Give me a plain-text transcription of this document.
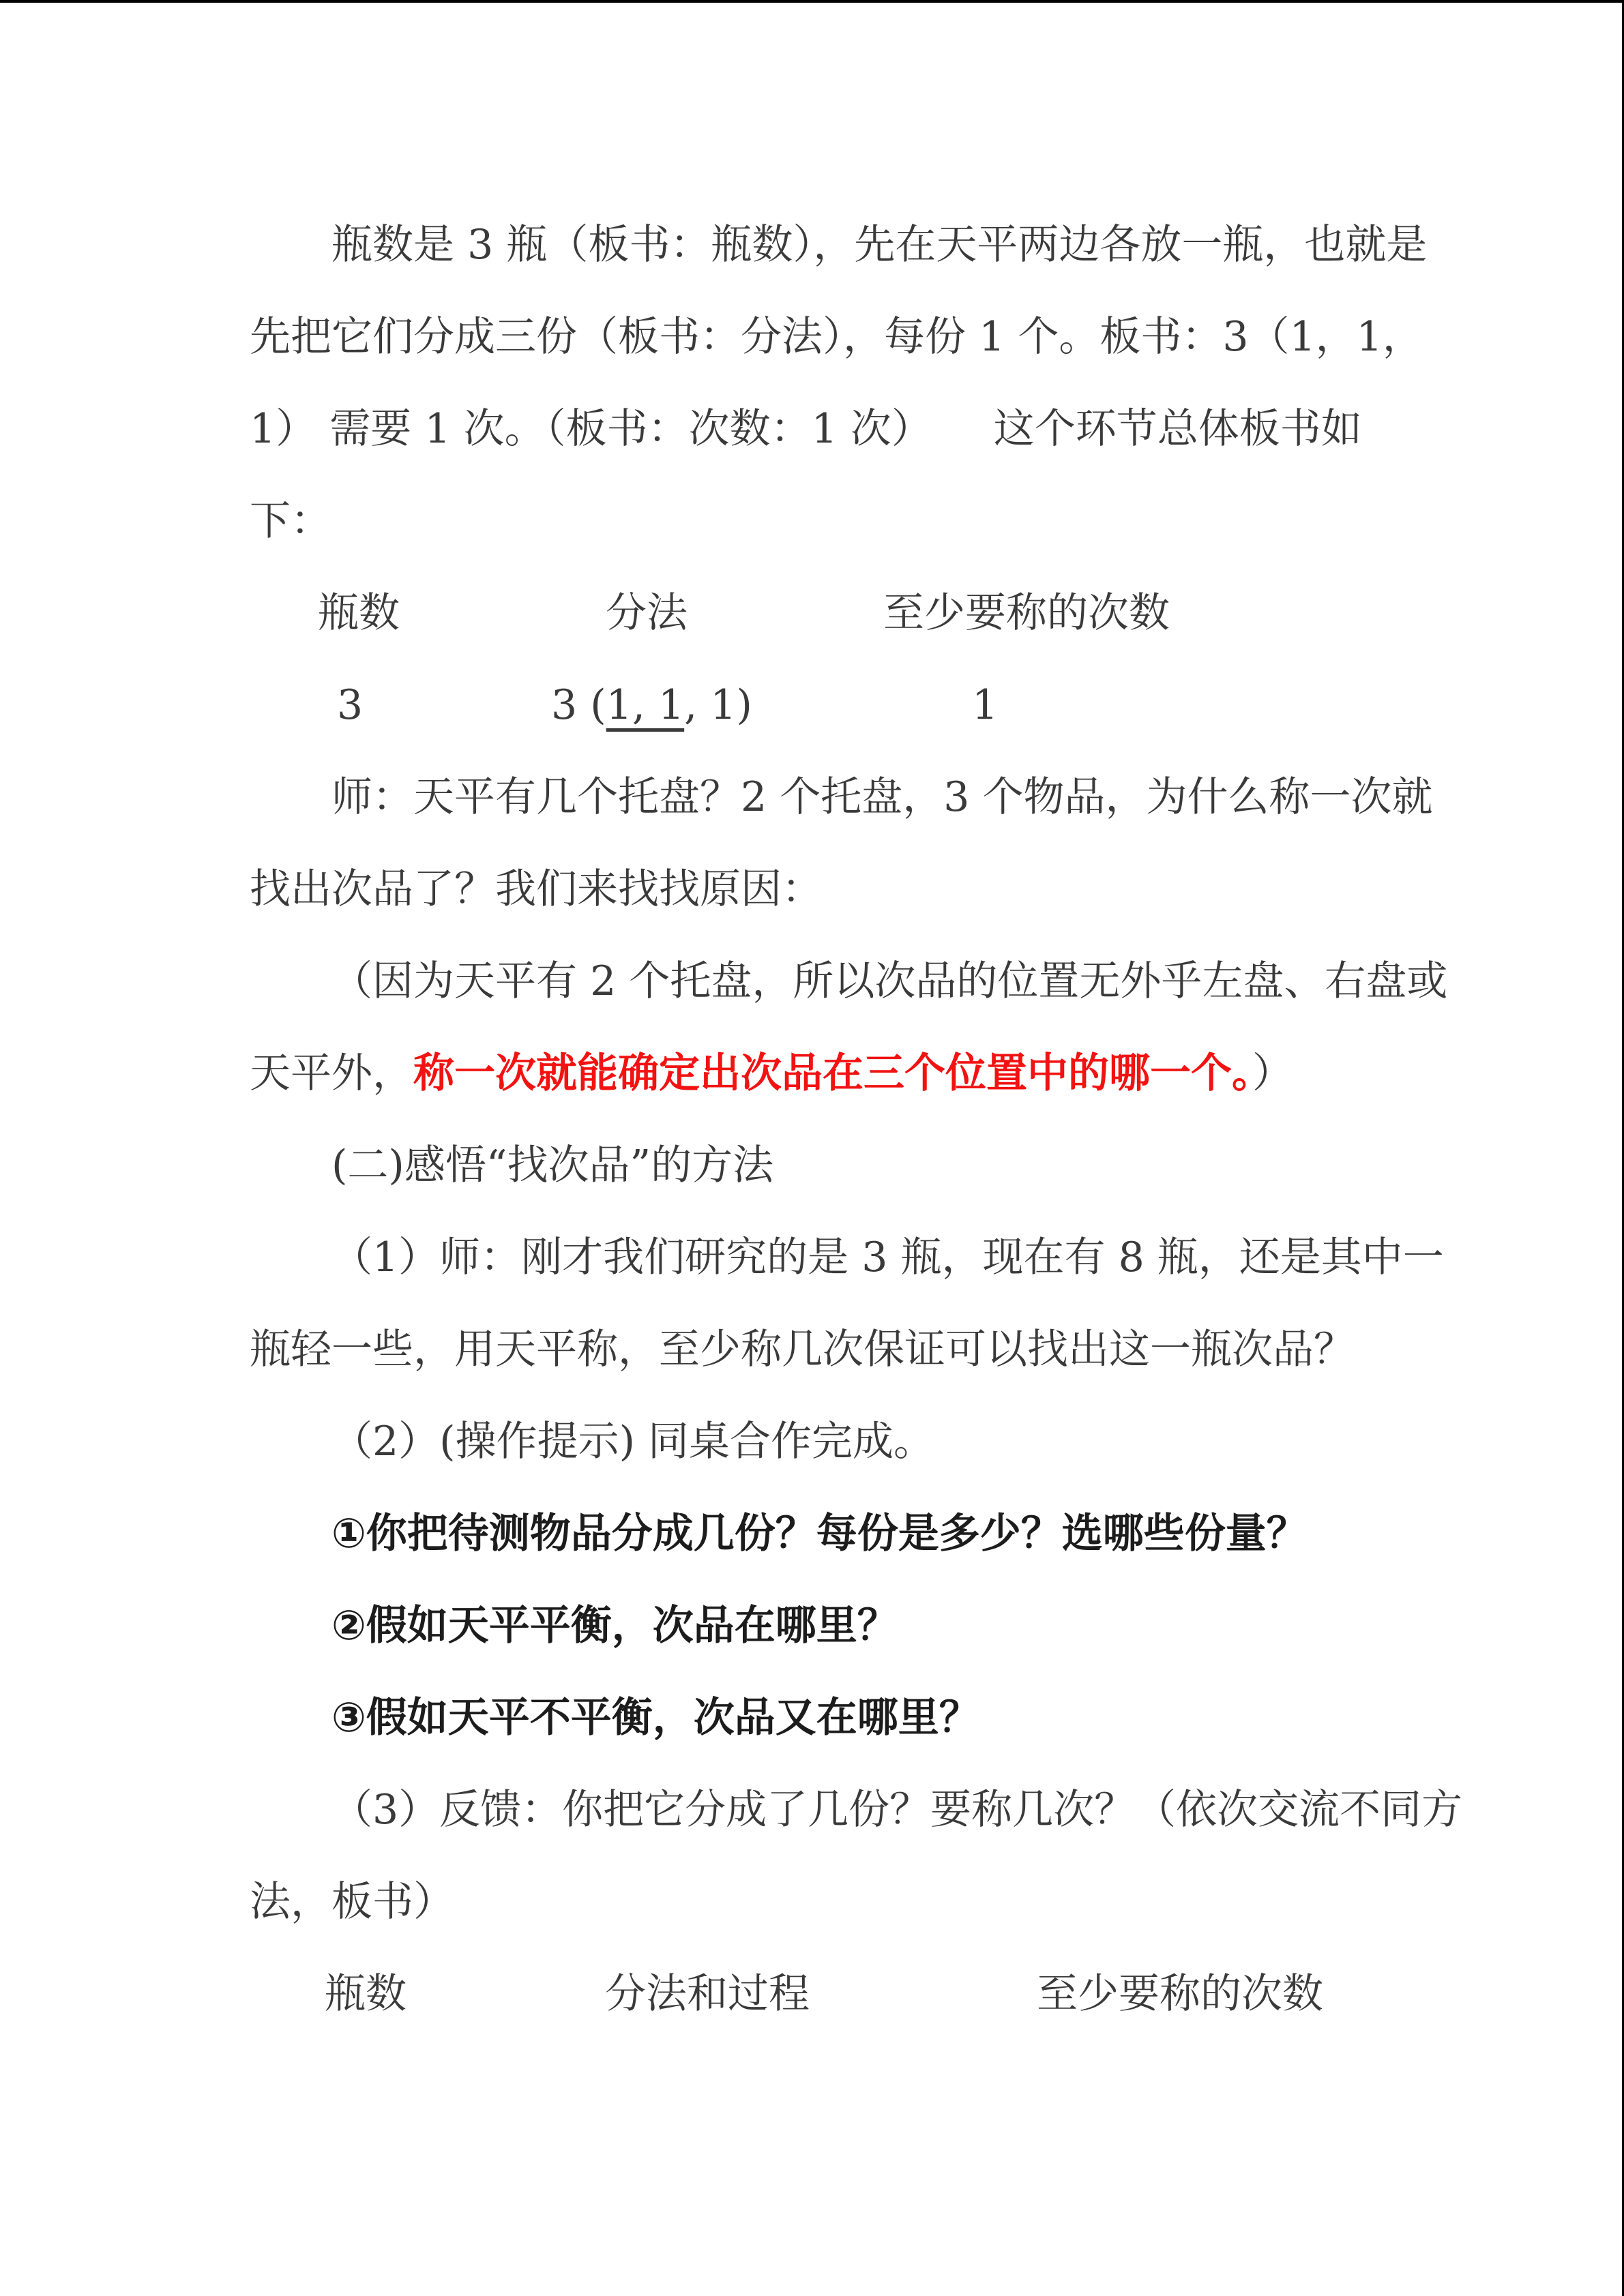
瓶数是 3 瓶（板书：瓶数），先在天平两边各放一瓶，也就是
先把它们分成三份（板书：分法），每份 1 个。板书：3（1，1，
1） 需要 1 次。（板书：次数：1 次）　　这个环节总体板书如
下：
瓶数	分法	至少要称的次数
3	3 (1, 1, 1)	1
师：天平有几个托盘？2 个托盘，3 个物品，为什么称一次就
找出次品了？我们来找找原因：
（因为天平有 2 个托盘，所以次品的位置无外乎左盘、右盘或
天平外，称一次就能确定出次品在三个位置中的哪一个。）
(二)感悟“找次品”的方法
（1）师：刚才我们研究的是 3 瓶，现在有 8 瓶，还是其中一
瓶轻一些，用天平称，至少称几次保证可以找出这一瓶次品？
（2）(操作提示) 同桌合作完成。
①你把待测物品分成几份？每份是多少？选哪些份量？
②假如天平平衡，次品在哪里？
③假如天平不平衡，次品又在哪里？
（3）反馈：你把它分成了几份？要称几次？（依次交流不同方
法，板书）
瓶数	分法和过程	至少要称的次数
